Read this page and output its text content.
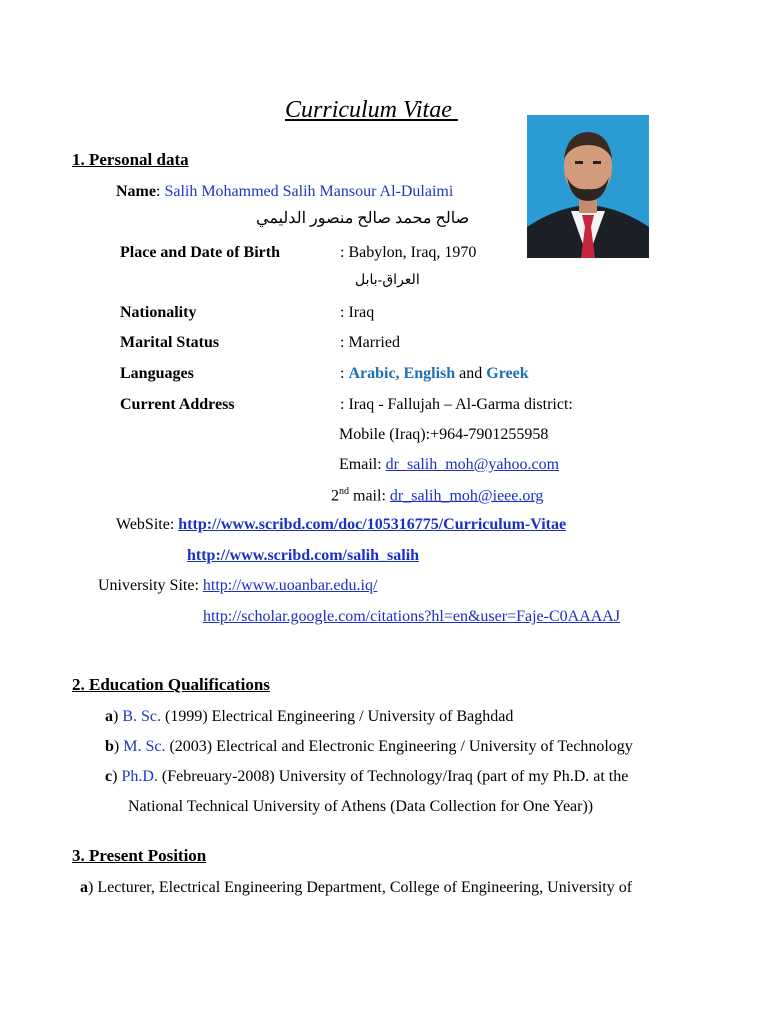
Curriculum Vitae
1. Personal data
Name: Salih Mohammed Salih Mansour Al-Dulaimi
صالح محمد صالح منصور الدليمي
Place and Date of Birth	: Babylon, Iraq, 1970
العراق-بابل
Nationality	: Iraq
Marital Status	: Married
Languages	: Arabic, English and Greek
Current Address	: Iraq - Fallujah – Al-Garma district:
Mobile (Iraq):+964-7901255958
Email: dr_salih_moh@yahoo.com
2nd mail: dr_salih_moh@ieee.org
WebSite: http://www.scribd.com/doc/105316775/Curriculum-Vitae
http://www.scribd.com/salih_salih
University Site: http://www.uoanbar.edu.iq/
http://scholar.google.com/citations?hl=en&user=Faje-C0AAAAJ
2. Education Qualifications
a) B. Sc. (1999) Electrical Engineering / University of Baghdad
b) M. Sc. (2003) Electrical and Electronic Engineering / University of Technology
c) Ph.D. (Febreuary-2008) University of Technology/Iraq (part of my Ph.D. at the
National Technical University of Athens (Data Collection for One Year))
3. Present Position
a) Lecturer, Electrical Engineering Department, College of Engineering, University of
